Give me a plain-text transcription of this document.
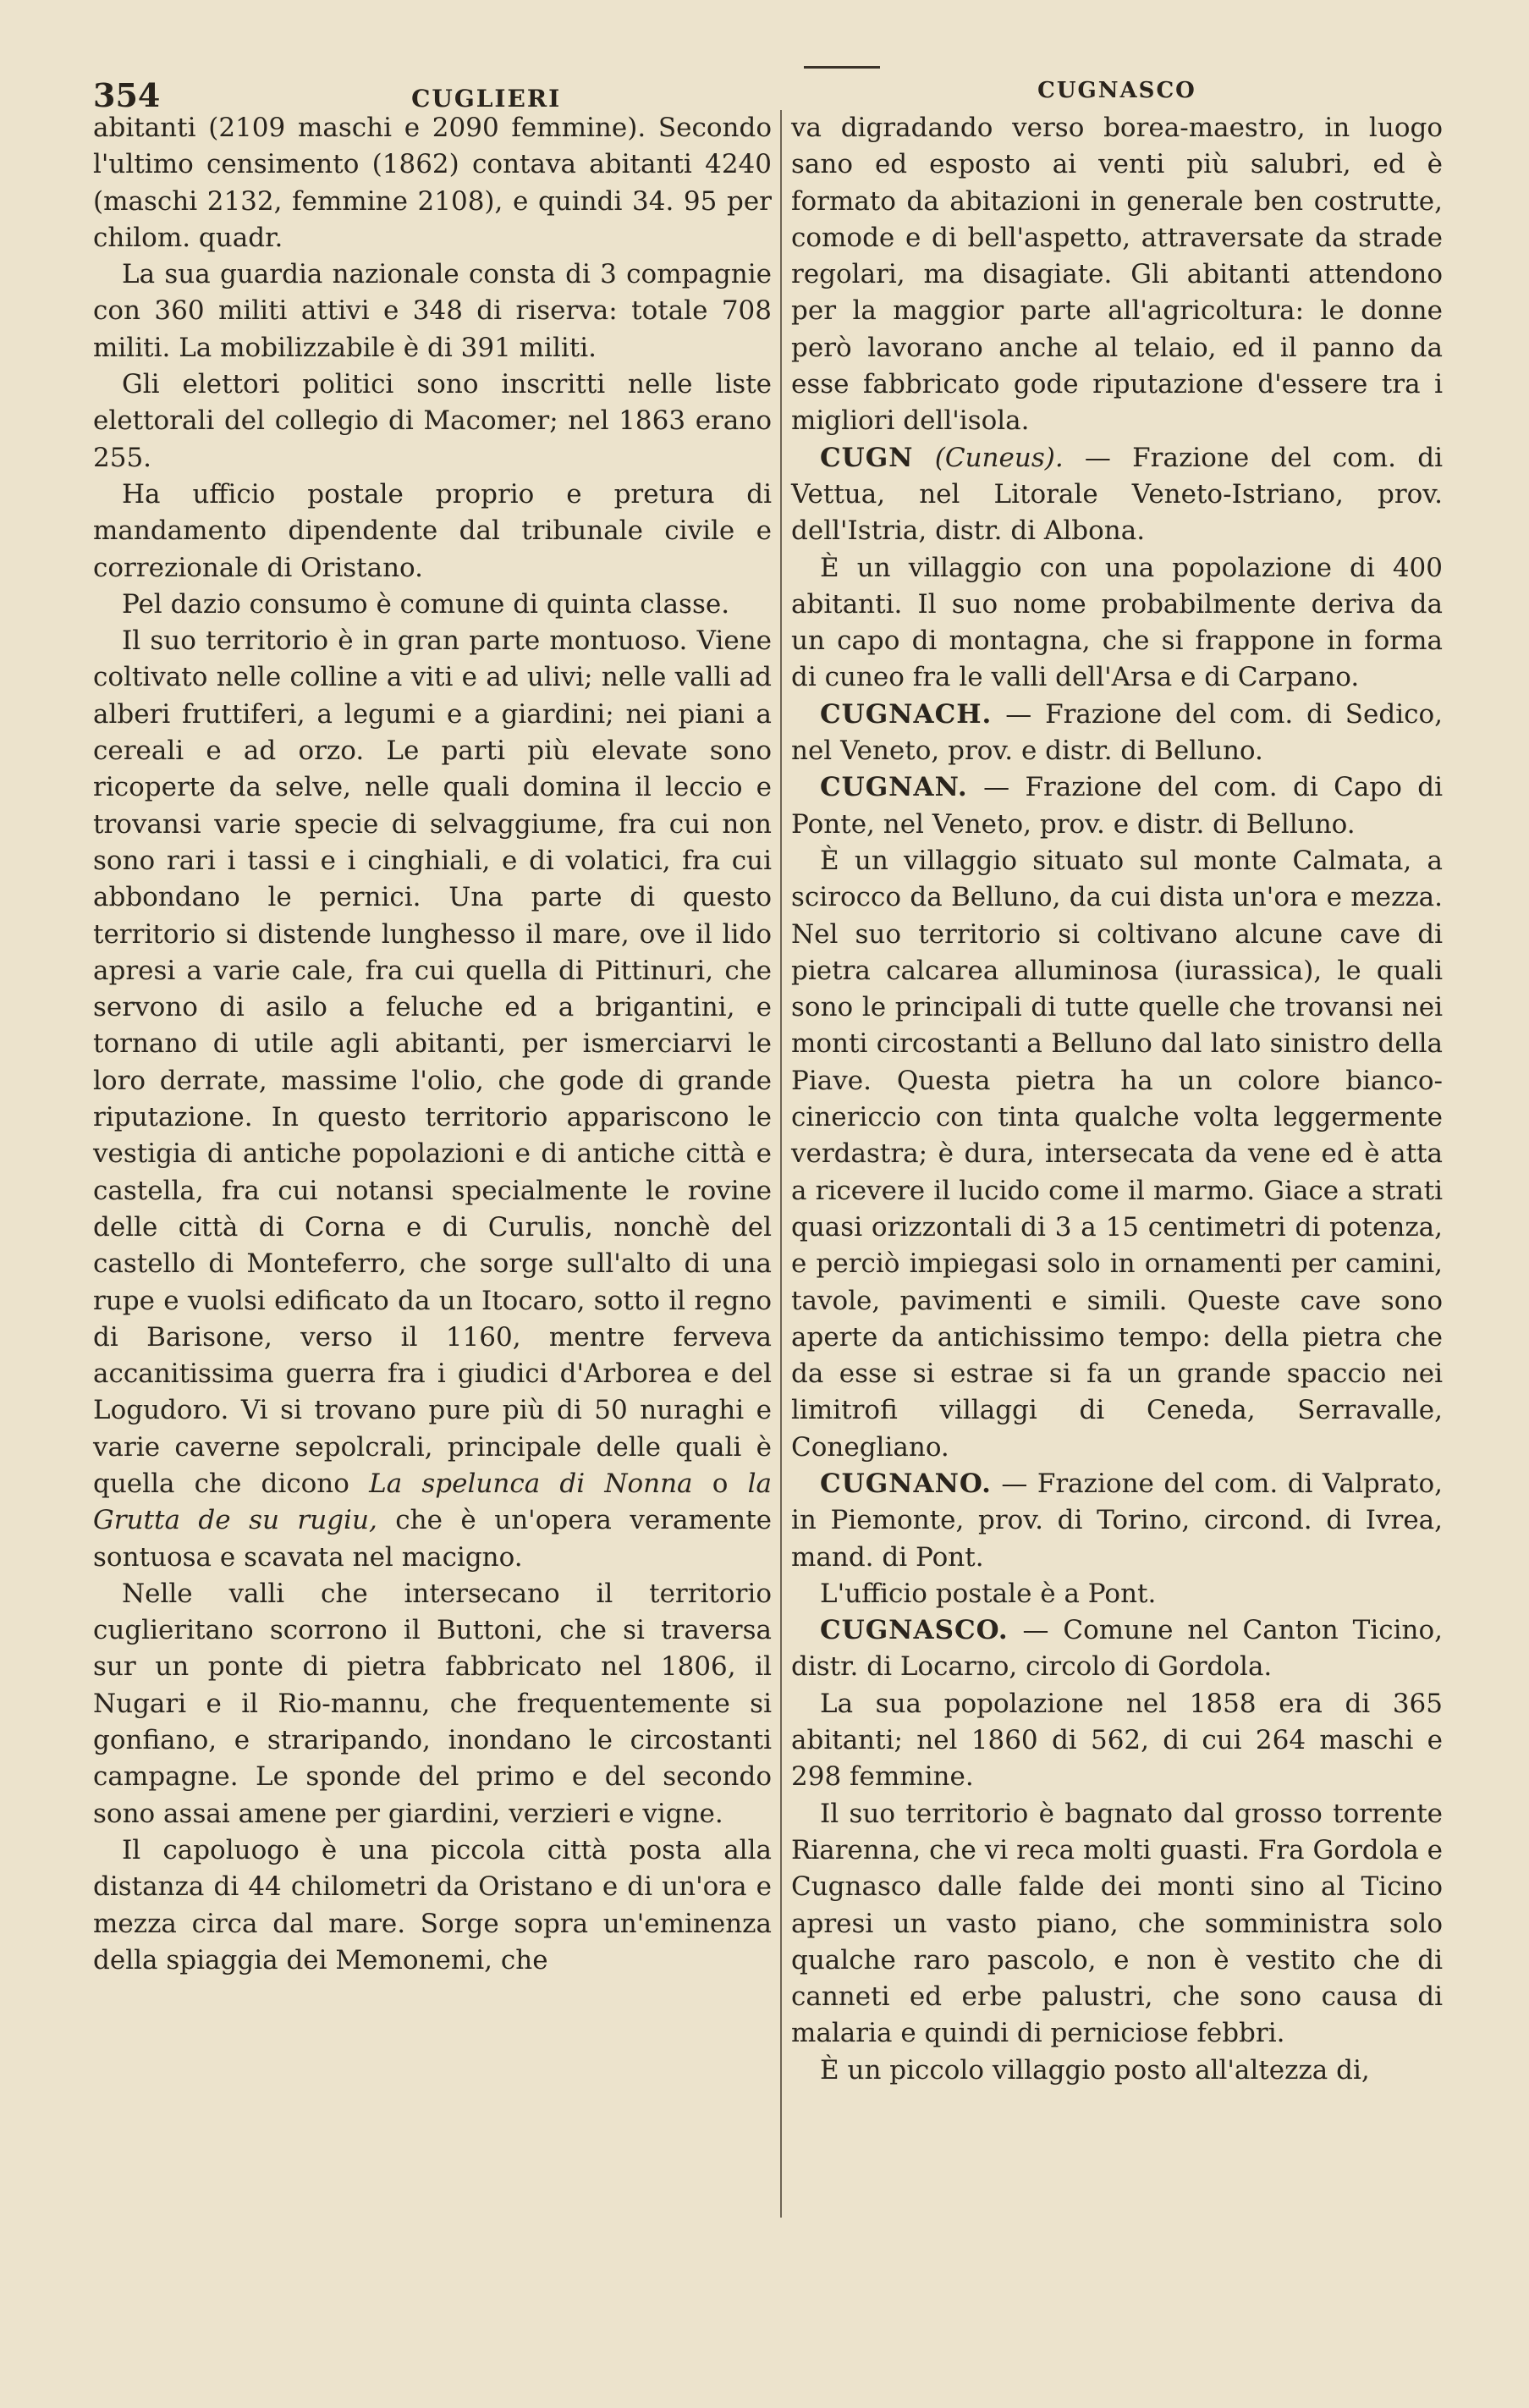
354	CUGLIERI	CUGNASCO

abitanti (2109 maschi e 2090 femmine). Secondo l'ultimo censimento (1862) contava abitanti 4240 (maschi 2132, femmine 2108), e quindi 34. 95 per chilom. quadr.

La sua guardia nazionale consta di 3 compagnie con 360 militi attivi e 348 di riserva: totale 708 militi. La mobilizzabile è di 391 militi.

Gli elettori politici sono inscritti nelle liste elettorali del collegio di Macomer; nel 1863 erano 255.

Ha ufficio postale proprio e pretura di mandamento dipendente dal tribunale civile e correzionale di Oristano.

Pel dazio consumo è comune di quinta classe.

Il suo territorio è in gran parte montuoso. Viene coltivato nelle colline a viti e ad ulivi; nelle valli ad alberi fruttiferi, a legumi e a giardini; nei piani a cereali e ad orzo. Le parti più elevate sono ricoperte da selve, nelle quali domina il leccio e trovansi varie specie di selvaggiume, fra cui non sono rari i tassi e i cinghiali, e di volatici, fra cui abbondano le pernici. Una parte di questo territorio si distende lunghesso il mare, ove il lido apresi a varie cale, fra cui quella di Pittinuri, che servono di asilo a feluche ed a brigantini, e tornano di utile agli abitanti, per ismerciarvi le loro derrate, massime l'olio, che gode di grande riputazione. In questo territorio appariscono le vestigia di antiche popolazioni e di antiche città e castella, fra cui notansi specialmente le rovine delle città di Corna e di Curulis, nonchè del castello di Monteferro, che sorge sull'alto di una rupe e vuolsi edificato da un Itocaro, sotto il regno di Barisone, verso il 1160, mentre ferveva accanitissima guerra fra i giudici d'Arborea e del Logudoro. Vi si trovano pure più di 50 nuraghi e varie caverne sepolcrali, principale delle quali è quella che dicono La spelunca di Nonna o la Grutta de su rugiu, che è un'opera veramente sontuosa e scavata nel macigno.

Nelle valli che intersecano il territorio cuglieritano scorrono il Buttoni, che si traversa sur un ponte di pietra fabbricato nel 1806, il Nugari e il Rio-mannu, che frequentemente si gonfiano, e straripando, inondano le circostanti campagne. Le sponde del primo e del secondo sono assai amene per giardini, verzieri e vigne.

Il capoluogo è una piccola città posta alla distanza di 44 chilometri da Oristano e di un'ora e mezza circa dal mare. Sorge sopra un'eminenza della spiaggia dei Memonemi, che

va digradando verso borea-maestro, in luogo sano ed esposto ai venti più salubri, ed è formato da abitazioni in generale ben costrutte, comode e di bell'aspetto, attraversate da strade regolari, ma disagiate. Gli abitanti attendono per la maggior parte all'agricoltura: le donne però lavorano anche al telaio, ed il panno da esse fabbricato gode riputazione d'essere tra i migliori dell'isola.

CUGN (Cuneus). — Frazione del com. di Vettua, nel Litorale Veneto-Istriano, prov. dell'Istria, distr. di Albona.

È un villaggio con una popolazione di 400 abitanti. Il suo nome probabilmente deriva da un capo di montagna, che si frappone in forma di cuneo fra le valli dell'Arsa e di Carpano.

CUGNACH. — Frazione del com. di Sedico, nel Veneto, prov. e distr. di Belluno.

CUGNAN. — Frazione del com. di Capo di Ponte, nel Veneto, prov. e distr. di Belluno.

È un villaggio situato sul monte Calmata, a scirocco da Belluno, da cui dista un'ora e mezza. Nel suo territorio si coltivano alcune cave di pietra calcarea alluminosa (iurassica), le quali sono le principali di tutte quelle che trovansi nei monti circostanti a Belluno dal lato sinistro della Piave. Questa pietra ha un colore bianco-cinericcio con tinta qualche volta leggermente verdastra; è dura, intersecata da vene ed è atta a ricevere il lucido come il marmo. Giace a strati quasi orizzontali di 3 a 15 centimetri di potenza, e perciò impiegasi solo in ornamenti per camini, tavole, pavimenti e simili. Queste cave sono aperte da antichissimo tempo: della pietra che da esse si estrae si fa un grande spaccio nei limitrofi villaggi di Ceneda, Serravalle, Conegliano.

CUGNANO. — Frazione del com. di Valprato, in Piemonte, prov. di Torino, circond. di Ivrea, mand. di Pont.

L'ufficio postale è a Pont.

CUGNASCO. — Comune nel Canton Ticino, distr. di Locarno, circolo di Gordola.

La sua popolazione nel 1858 era di 365 abitanti; nel 1860 di 562, di cui 264 maschi e 298 femmine.

Il suo territorio è bagnato dal grosso torrente Riarenna, che vi reca molti guasti. Fra Gordola e Cugnasco dalle falde dei monti sino al Ticino apresi un vasto piano, che somministra solo qualche raro pascolo, e non è vestito che di canneti ed erbe palustri, che sono causa di malaria e quindi di perniciose febbri.

È un piccolo villaggio posto all'altezza di,
